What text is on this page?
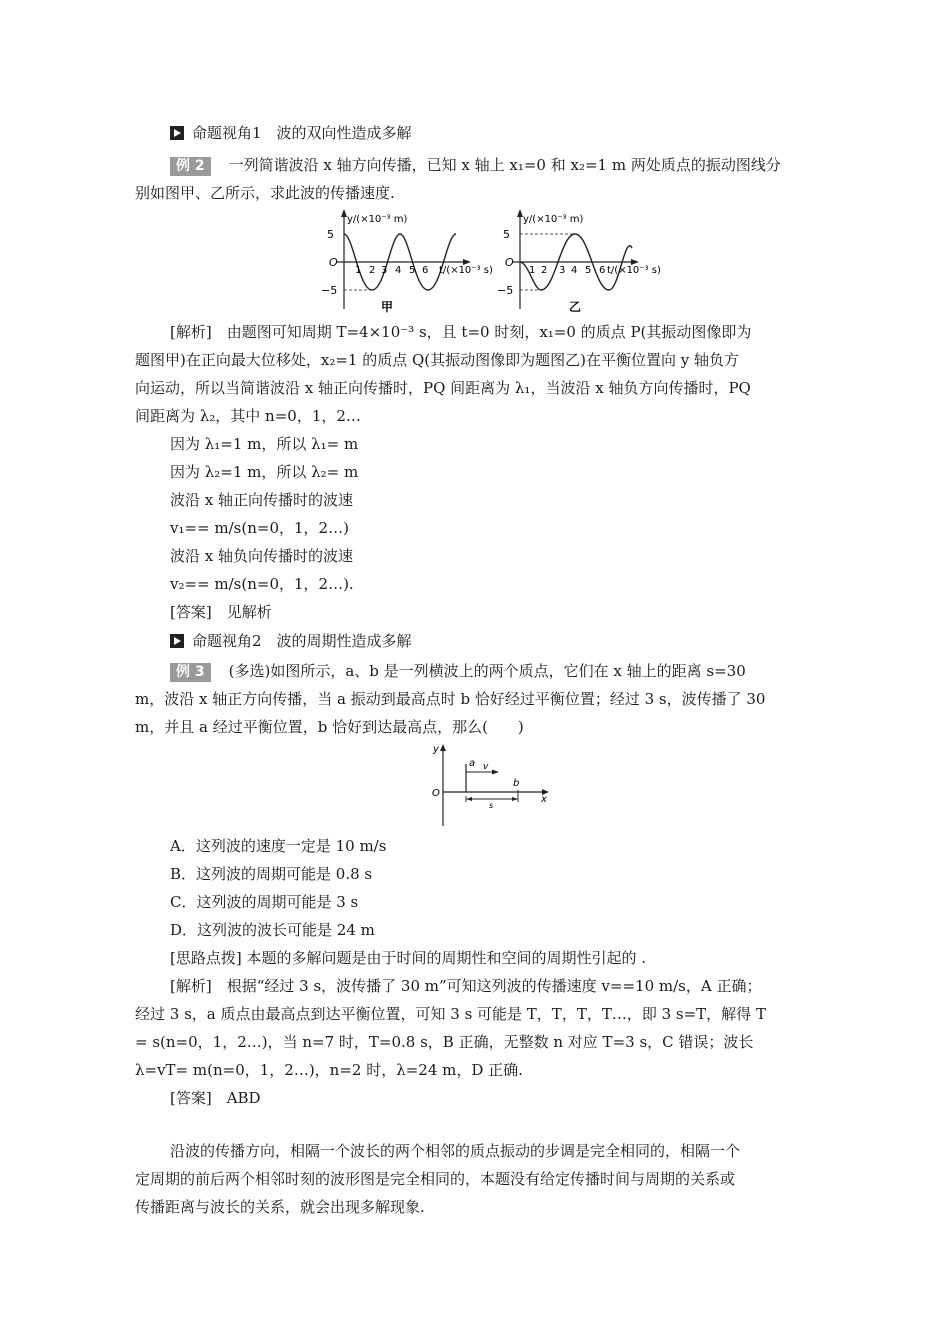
命题视角1　波的双向性造成多解
例 2 一列简谐波沿 x 轴方向传播，已知 x 轴上 x₁=0 和 x₂=1 m 两处质点的振动图线分
别如图甲、乙所示，求此波的传播速度.
y/(×10⁻³ m)
5
O
−5
1 2 3 4 5 6 t/(×10⁻³ s)
甲
y/(×10⁻³ m)
5
O
−5
1 2 3 4 5 6 t/(×10⁻³ s)
乙
[解析]　由题图可知周期 T=4×10⁻³ s，且 t=0 时刻，x₁=0 的质点 P(其振动图像即为
题图甲)在正向最大位移处，x₂=1 的质点 Q(其振动图像即为题图乙)在平衡位置向 y 轴负方
向运动，所以当简谐波沿 x 轴正向传播时，PQ 间距离为 λ₁，当波沿 x 轴负方向传播时，PQ
间距离为 λ₂，其中 n=0，1，2…
因为 λ₁=1 m，所以 λ₁= m
因为 λ₂=1 m，所以 λ₂= m
波沿 x 轴正向传播时的波速
v₁== m/s(n=0，1，2…)
波沿 x 轴负向传播时的波速
v₂== m/s(n=0，1，2…).
[答案]　见解析
命题视角2　波的周期性造成多解
例 3 (多选)如图所示，a、b 是一列横波上的两个质点，它们在 x 轴上的距离 s=30
m，波沿 x 轴正方向传播，当 a 振动到最高点时 b 恰好经过平衡位置；经过 3 s，波传播了 30
m，并且 a 经过平衡位置，b 恰好到达最高点，那么(　　)
y
O
a v
b
s
x
A．这列波的速度一定是 10 m/s
B．这列波的周期可能是 0.8 s
C．这列波的周期可能是 3 s
D．这列波的波长可能是 24 m
[思路点拨] 本题的多解问题是由于时间的周期性和空间的周期性引起的 .
[解析]　根据“经过 3 s，波传播了 30 m”可知这列波的传播速度 v==10 m/s，A 正确；
经过 3 s，a 质点由最高点到达平衡位置，可知 3 s 可能是 T，T，T，T…，即 3 s=T，解得 T
= s(n=0，1，2…)，当 n=7 时，T=0.8 s，B 正确，无整数 n 对应 T=3 s，C 错误；波长
λ=vT= m(n=0，1，2…)，n=2 时，λ=24 m，D 正确.
[答案]　ABD
沿波的传播方向，相隔一个波长的两个相邻的质点振动的步调是完全相同的，相隔一个
定周期的前后两个相邻时刻的波形图是完全相同的，本题没有给定传播时间与周期的关系或
传播距离与波长的关系，就会出现多解现象.
